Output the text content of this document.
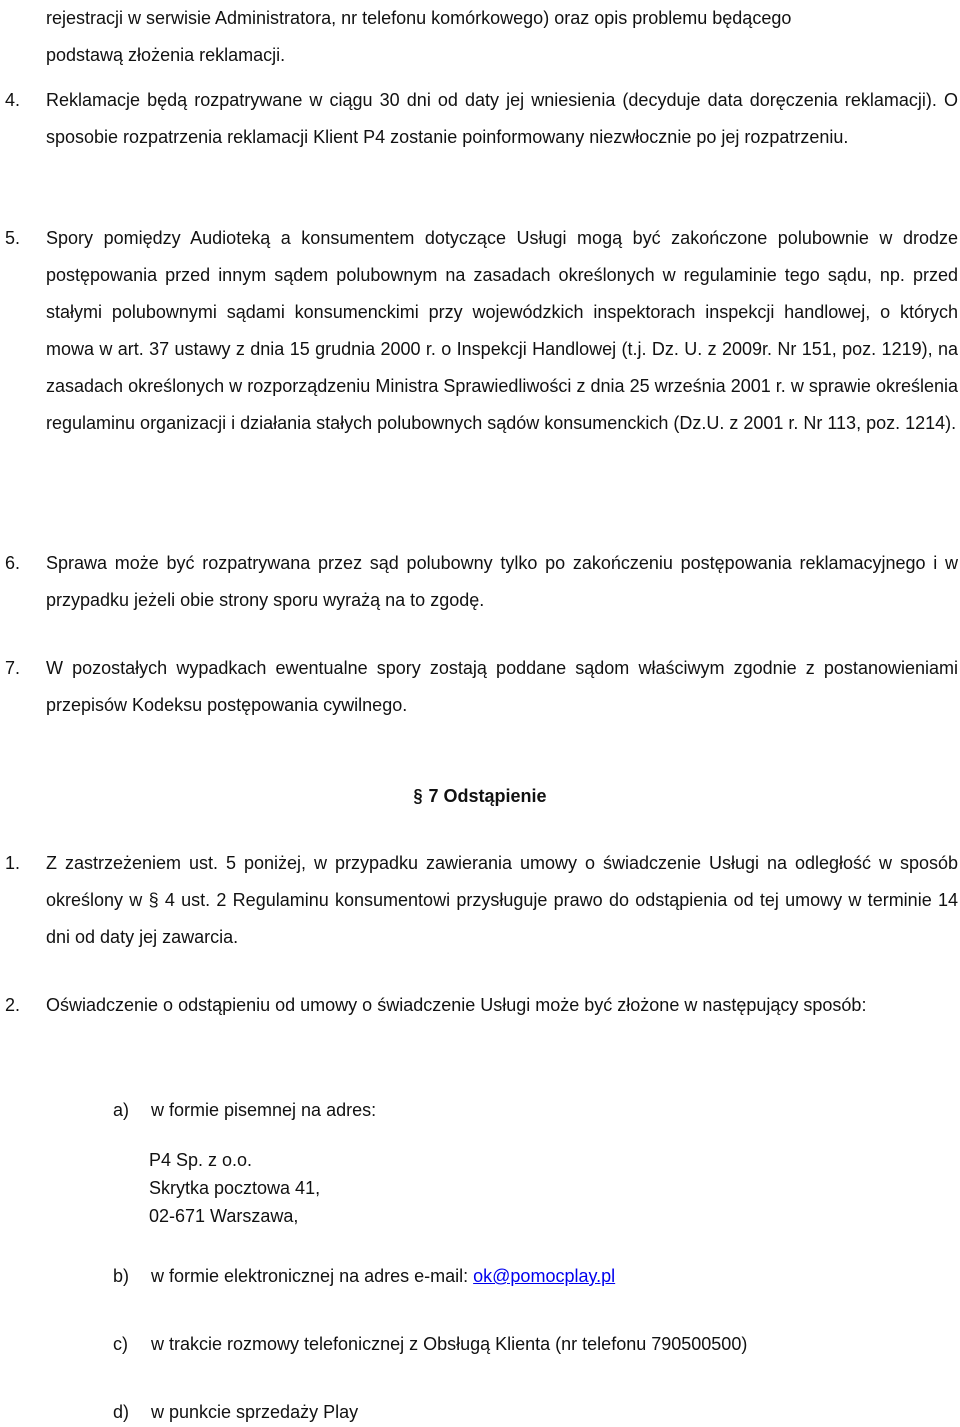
rejestracji w serwisie Administratora, nr telefonu komórkowego) oraz opis problemu będącego
podstawą złożenia reklamacji.
4. Reklamacje będą rozpatrywane w ciągu 30 dni od daty jej wniesienia (decyduje data doręczenia reklamacji). O sposobie rozpatrzenia reklamacji Klient P4 zostanie poinformowany niezwłocznie po jej rozpatrzeniu.
5. Spory pomiędzy Audioteką a konsumentem dotyczące Usługi mogą być zakończone polubownie w drodze postępowania przed innym sądem polubownym na zasadach określonych w regulaminie tego sądu, np. przed stałymi polubownymi sądami konsumenckimi przy wojewódzkich inspektorach inspekcji handlowej, o których mowa w art. 37 ustawy z dnia 15 grudnia 2000 r. o Inspekcji Handlowej (t.j. Dz. U. z 2009r. Nr 151, poz. 1219), na zasadach określonych w rozporządzeniu Ministra Sprawiedliwości z dnia 25 września 2001 r. w sprawie określenia regulaminu organizacji i działania stałych polubownych sądów konsumenckich (Dz.U. z 2001 r. Nr 113, poz. 1214).
6. Sprawa może być rozpatrywana przez sąd polubowny tylko po zakończeniu postępowania reklamacyjnego i w przypadku jeżeli obie strony sporu wyrażą na to zgodę.
7. W pozostałych wypadkach ewentualne spory zostają poddane sądom właściwym zgodnie z postanowieniami przepisów Kodeksu postępowania cywilnego.
§ 7 Odstąpienie
1. Z zastrzeżeniem ust. 5 poniżej, w przypadku zawierania umowy o świadczenie Usługi na odległość w sposób określony w § 4 ust. 2 Regulaminu konsumentowi przysługuje prawo do odstąpienia od tej umowy w terminie 14 dni od daty jej zawarcia.
2. Oświadczenie o odstąpieniu od umowy o świadczenie Usługi może być złożone w następujący sposób:
a) w formie pisemnej na adres:
P4 Sp. z o.o.
Skrytka pocztowa 41,
02-671 Warszawa,
b) w formie elektronicznej na adres e-mail: ok@pomocplay.pl
c) w trakcie rozmowy telefonicznej z Obsługą Klienta (nr telefonu 790500500)
d) w punkcie sprzedaży Play
